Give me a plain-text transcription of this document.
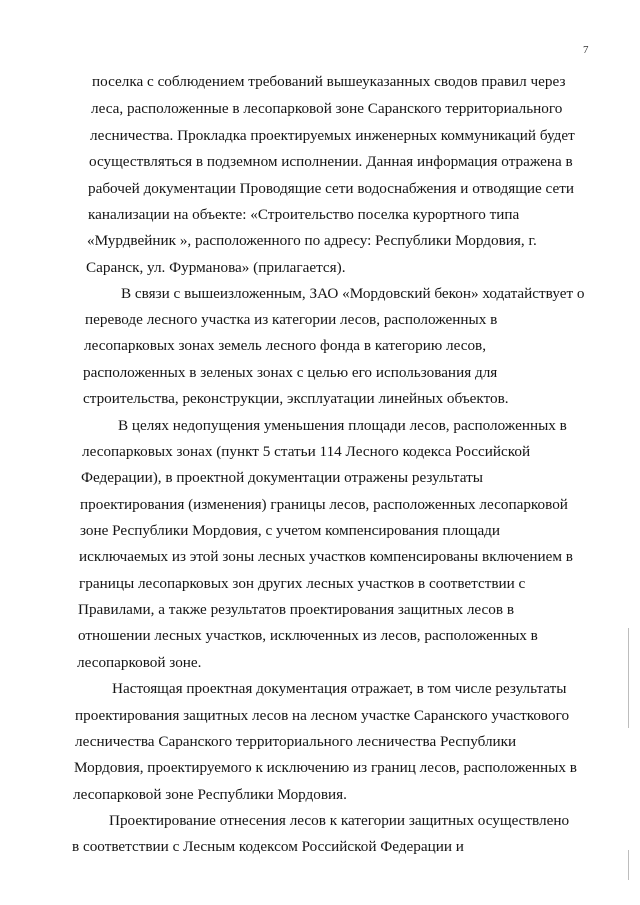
7
поселка с соблюдением требований вышеуказанных сводов правил через
леса, расположенные в лесопарковой зоне Саранского территориального
лесничества. Прокладка проектируемых инженерных коммуникаций будет
осуществляться в подземном исполнении. Данная информация отражена в
рабочей документации Проводящие сети водоснабжения и отводящие сети
канализации на объекте: «Строительство поселка курортного типа
«Мурдвейник », расположенного по адресу: Республики Мордовия, г.
Саранск, ул. Фурманова» (прилагается).
В связи с вышеизложенным, ЗАО «Мордовский бекон» ходатайствует о
переводе лесного участка из категории лесов, расположенных в
лесопарковых зонах земель лесного фонда в категорию лесов,
расположенных в зеленых зонах с целью его использования для
строительства, реконструкции, эксплуатации линейных объектов.
В целях недопущения уменьшения площади лесов, расположенных в
лесопарковых зонах (пункт 5 статьи 114 Лесного кодекса Российской
Федерации), в проектной документации отражены результаты
проектирования (изменения) границы лесов, расположенных лесопарковой
зоне Республики Мордовия, с учетом компенсирования площади
исключаемых из этой зоны лесных участков компенсированы включением в
границы лесопарковых зон других лесных участков в соответствии с
Правилами, а также результатов проектирования защитных лесов в
отношении лесных участков, исключенных из лесов, расположенных в
лесопарковой зоне.
Настоящая проектная документация отражает, в том числе результаты
проектирования защитных лесов на лесном участке Саранского участкового
лесничества Саранского территориального лесничества Республики
Мордовия, проектируемого к исключению из границ лесов, расположенных в
лесопарковой зоне Республики Мордовия.
Проектирование отнесения лесов к категории защитных осуществлено
в соответствии с Лесным кодексом Российской Федерации и
